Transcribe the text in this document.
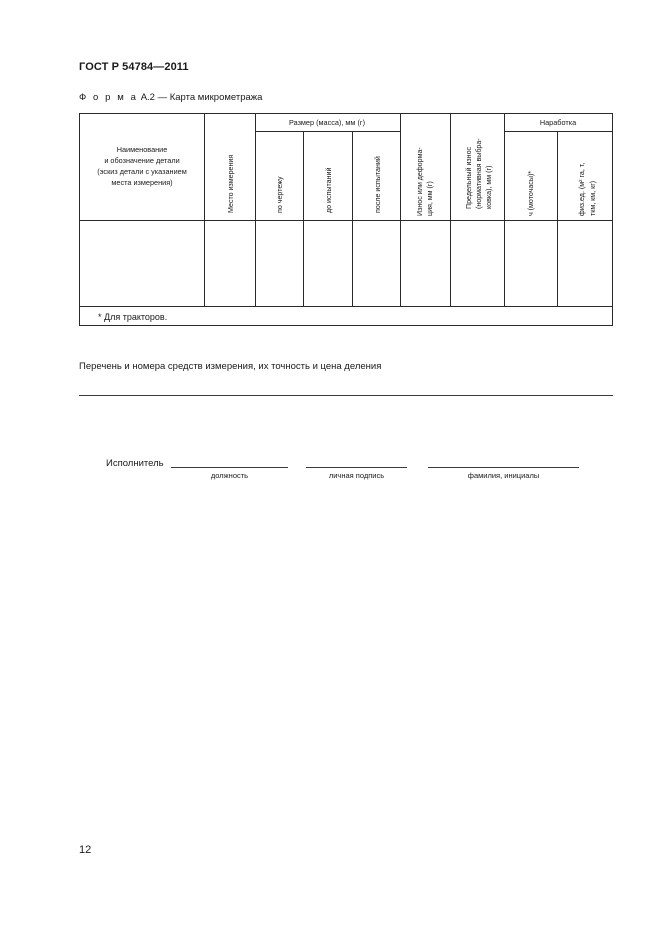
ГОСТ Р 54784—2011
Ф о р м а А.2 — Карта микрометража
Наименование
и обозначение детали
(эскиз детали с указанием
места измерения)
Размер (масса), мм (г)	Наработка
Место измерения	по чертежу	до испытаний	после испытаний	Износ или деформа- ция, мм (г)	Предельный износ (нормативная выбра- ковка), мм (г)	ч (моточасы)*	физ.ед. (м² га, т, ткм, км, кг)
* Для тракторов.
Перечень и номера средств измерения, их точность и цена деления
Исполнитель
должность	личная подпись	фамилия, инициалы
12
